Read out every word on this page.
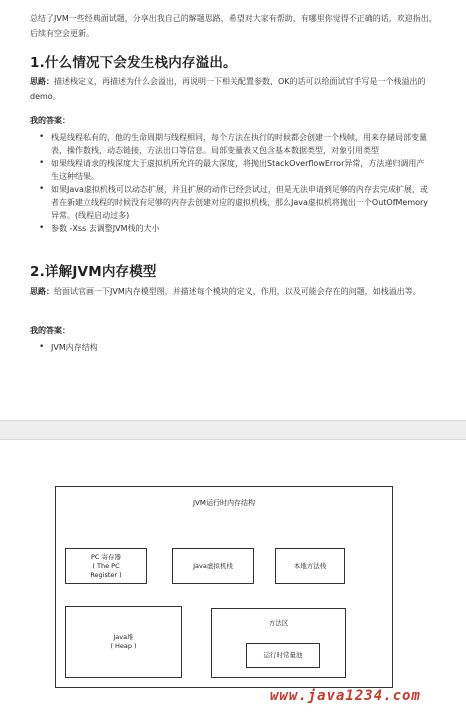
总结了JVM一些经典面试题，分享出我自己的解题思路，希望对大家有帮助，有哪里你觉得不正确的话，欢迎指出，后续有空会更新。
1.什么情况下会发生栈内存溢出。
思路：描述栈定义，再描述为什么会溢出，再说明一下相关配置参数，OK的话可以给面试官手写是一个栈溢出的demo。
我的答案：
• 栈是线程私有的，他的生命周期与线程相同，每个方法在执行的时候都会创建一个栈帧，用来存储局部变量表，操作数栈，动态链接，方法出口等信息。局部变量表又包含基本数据类型，对象引用类型
• 如果线程请求的栈深度大于虚拟机所允许的最大深度，将抛出StackOverflowError异常，方法递归调用产生这种结果。
• 如果Java虚拟机栈可以动态扩展，并且扩展的动作已经尝试过，但是无法申请到足够的内存去完成扩展，或者在新建立线程的时候没有足够的内存去创建对应的虚拟机栈，那么Java虚拟机将抛出一个OutOfMemory 异常。(线程启动过多)
• 参数 -Xss 去调整JVM栈的大小
2.详解JVM内存模型
思路：给面试官画一下JVM内存模型图，并描述每个模块的定义，作用，以及可能会存在的问题，如栈溢出等。
我的答案：
• JVM内存结构
JVM运行时内存结构
PC 寄存器
( The PC
Register )
Java虚拟机栈	本地方法栈
Java堆
( Heap )
方法区
运行时常量池
www.java1234.com
